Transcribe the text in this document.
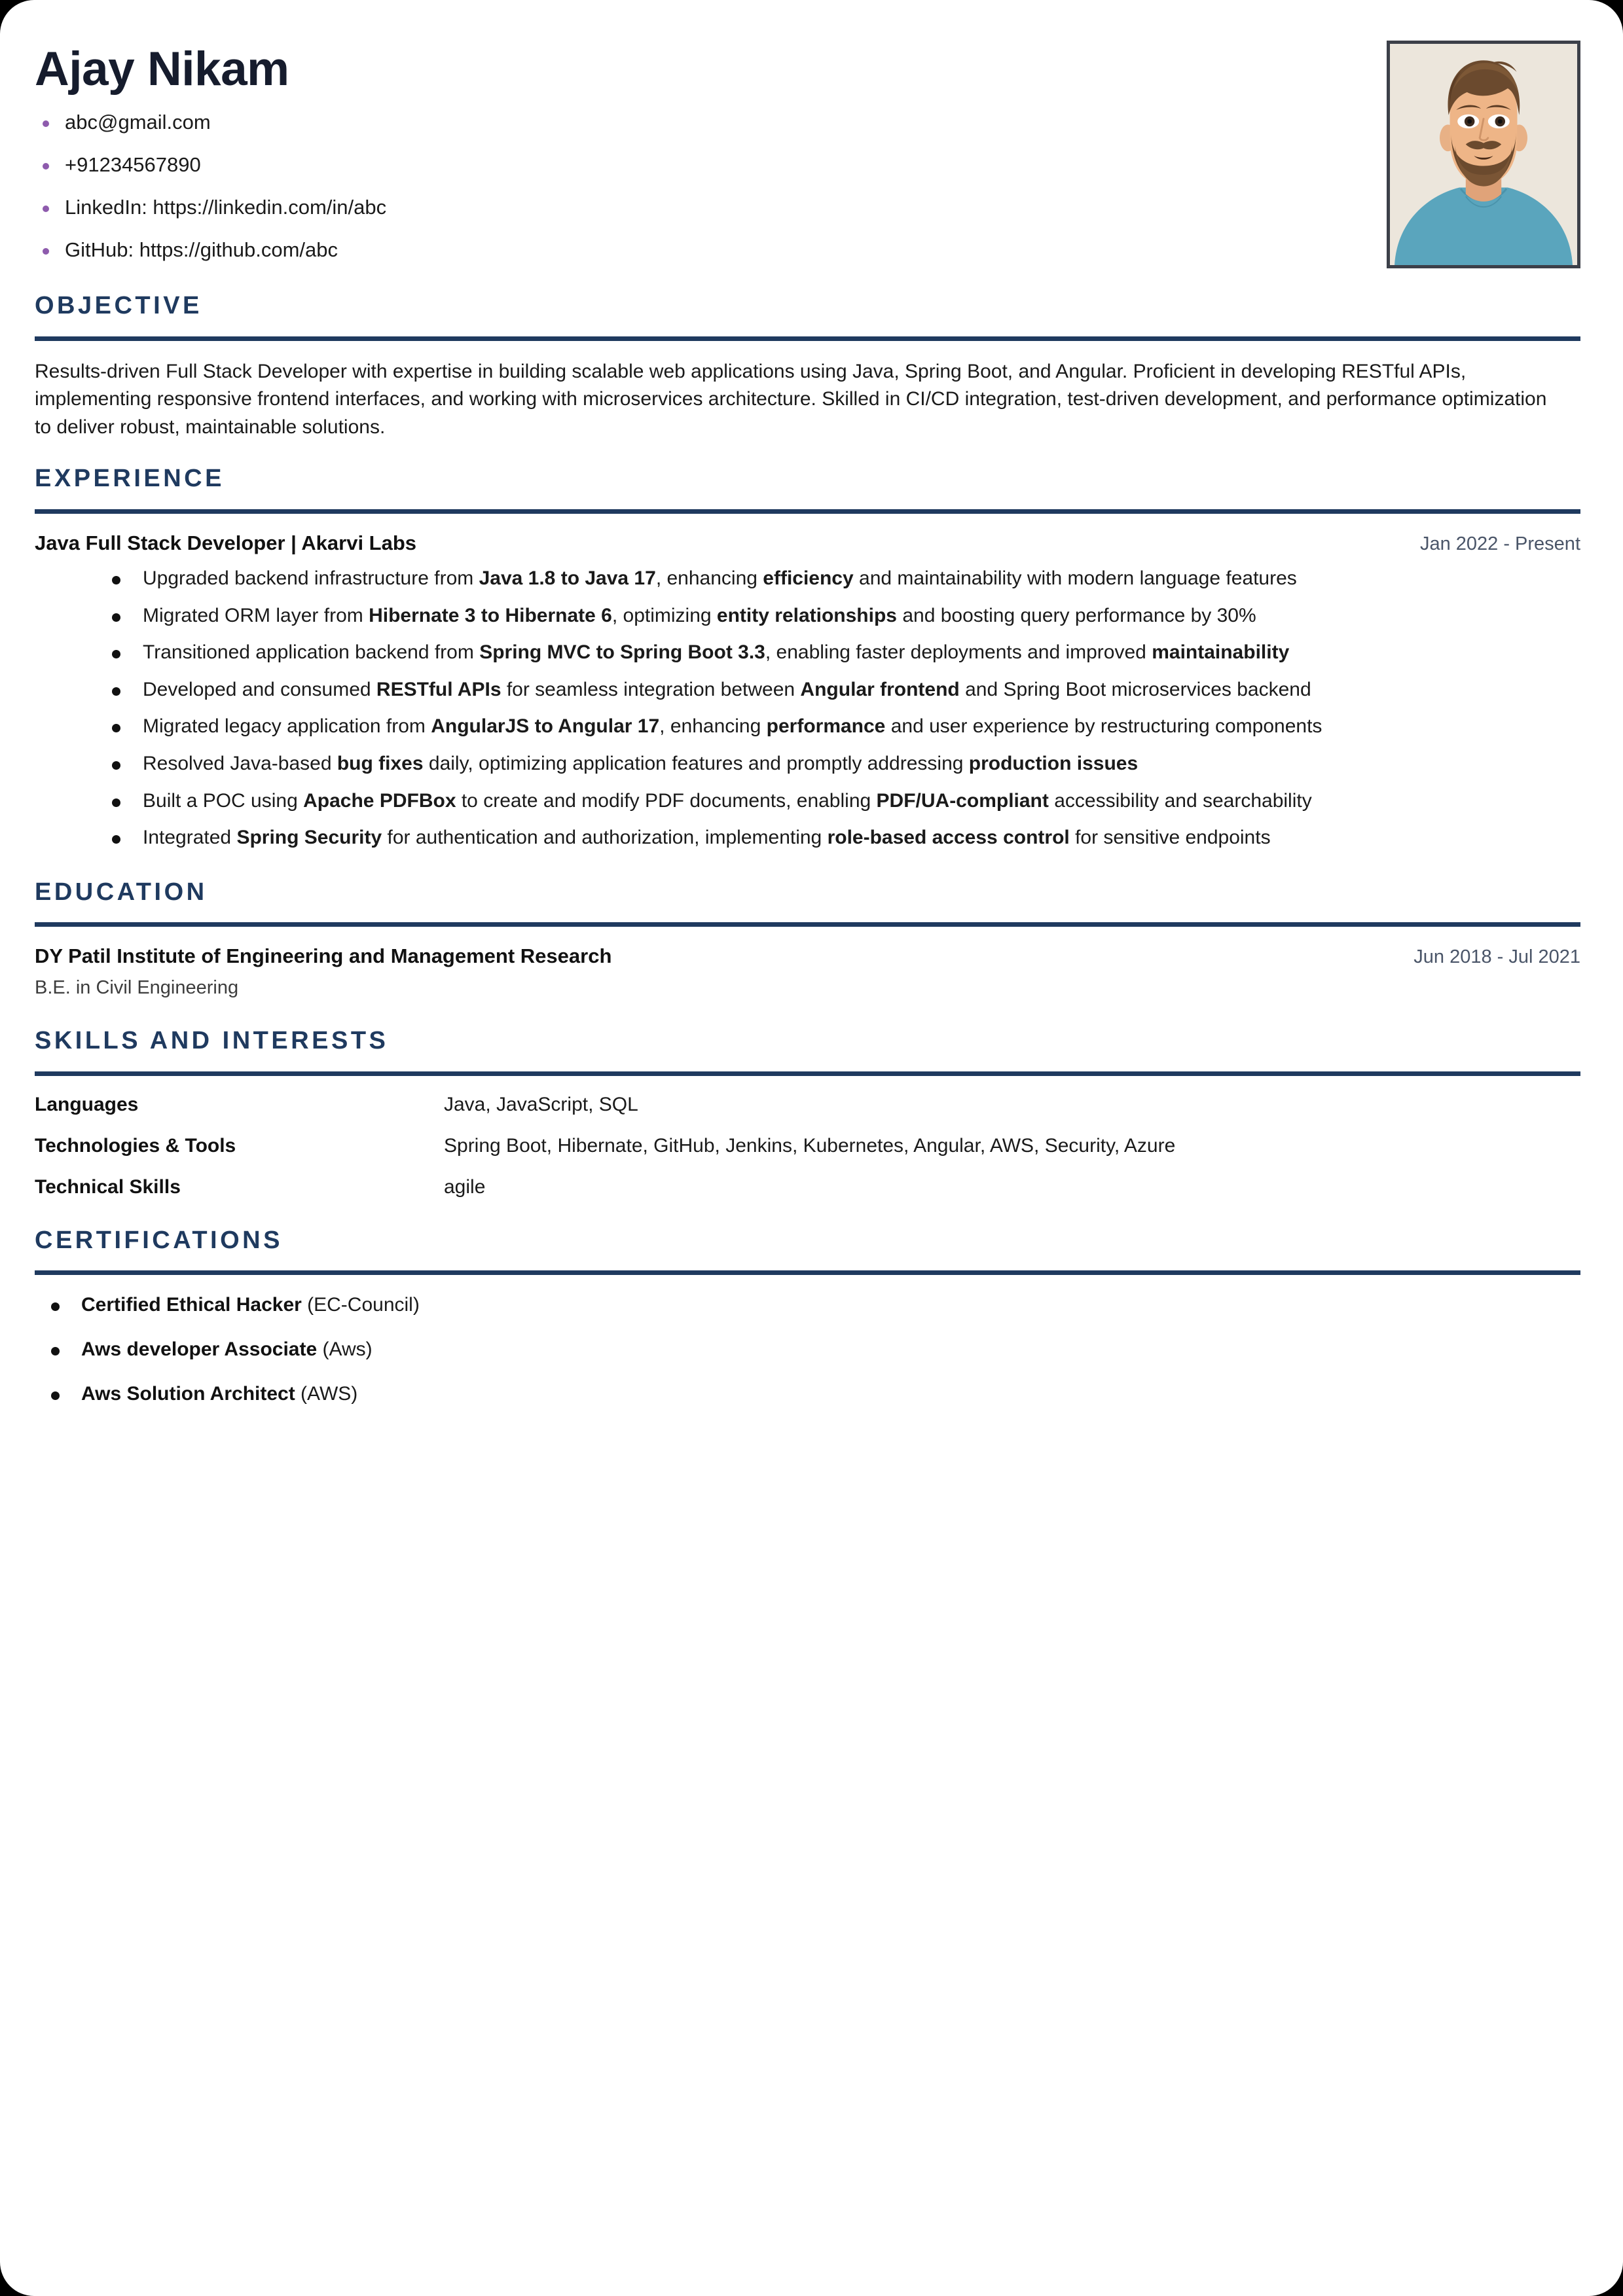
Ajay Nikam
abc@gmail.com
+91234567890
LinkedIn: https://linkedin.com/in/abc
GitHub: https://github.com/abc
OBJECTIVE

Results-driven Full Stack Developer with expertise in building scalable web applications using Java, Spring Boot, and Angular. Proficient in developing RESTful APIs, implementing responsive frontend interfaces, and working with microservices architecture. Skilled in CI/CD integration, test-driven development, and performance optimization to deliver robust, maintainable solutions.

EXPERIENCE
Java Full Stack Developer | Akarvi Labs	Jan 2022 - Present
Upgraded backend infrastructure from Java 1.8 to Java 17, enhancing efficiency and maintainability with modern language features
Migrated ORM layer from Hibernate 3 to Hibernate 6, optimizing entity relationships and boosting query performance by 30%
Transitioned application backend from Spring MVC to Spring Boot 3.3, enabling faster deployments and improved maintainability
Developed and consumed RESTful APIs for seamless integration between Angular frontend and Spring Boot microservices backend
Migrated legacy application from AngularJS to Angular 17, enhancing performance and user experience by restructuring components
Resolved Java-based bug fixes daily, optimizing application features and promptly addressing production issues
Built a POC using Apache PDFBox to create and modify PDF documents, enabling PDF/UA-compliant accessibility and searchability
Integrated Spring Security for authentication and authorization, implementing role-based access control for sensitive endpoints
EDUCATION
DY Patil Institute of Engineering and Management Research	Jun 2018 - Jul 2021
B.E. in Civil Engineering
SKILLS AND INTERESTS
Languages	Java, JavaScript, SQL
Technologies & Tools	Spring Boot, Hibernate, GitHub, Jenkins, Kubernetes, Angular, AWS, Security, Azure
Technical Skills	agile
CERTIFICATIONS
Certified Ethical Hacker (EC-Council)
Aws developer Associate (Aws)
Aws Solution Architect (AWS)
